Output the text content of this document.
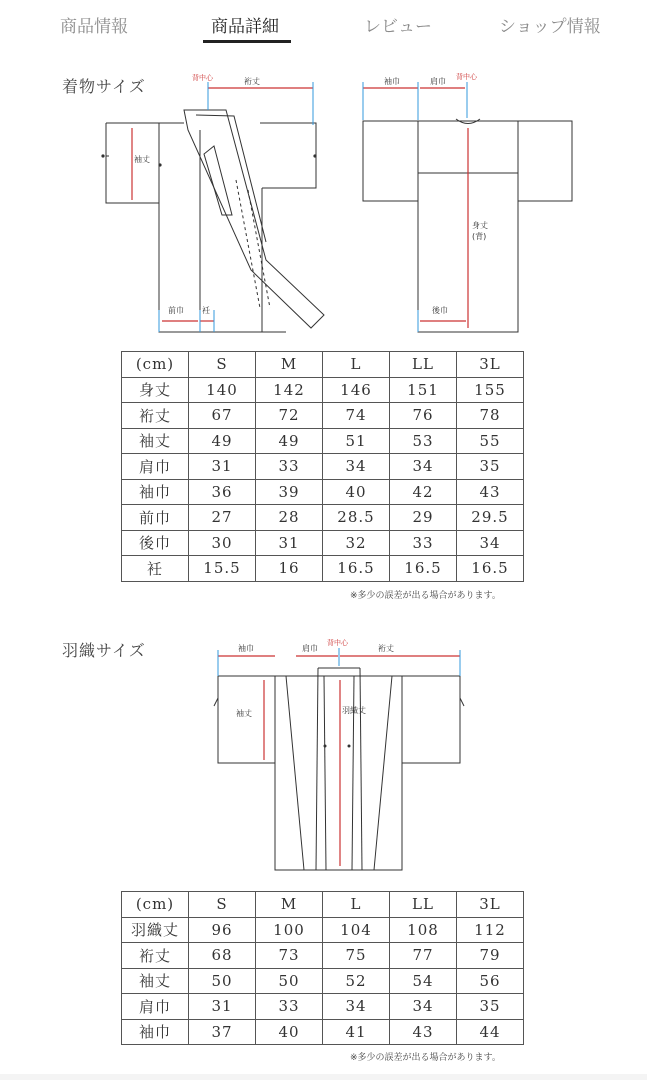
商品情報	商品詳細	レビュー	ショップ情報
着物サイズ	背中心	裄丈
袖丈
前巾 衽
袖巾	肩巾 背中心
身丈
(背)
後巾
(cm)	S	M	L	LL	3L
身丈	140	142	146	151	155
裄丈	67	72	74	76	78
袖丈	49	49	51	53	55
肩巾	31	33	34	34	35
袖巾	36	39	40	42	43
前巾	27	28	28.5	29	29.5
後巾	30	31	32	33	34
衽	15.5	16	16.5	16.5	16.5
※多少の誤差が出る場合があります。
羽織サイズ	袖巾	肩巾
背中心
裄丈
袖丈	羽織丈
(cm)	S	M	L	LL	3L
羽織丈	96	100	104	108	112
裄丈	68	73	75	77	79
袖丈	50	50	52	54	56
肩巾	31	33	34	34	35
袖巾	37	40	41	43	44
※多少の誤差が出る場合があります。
